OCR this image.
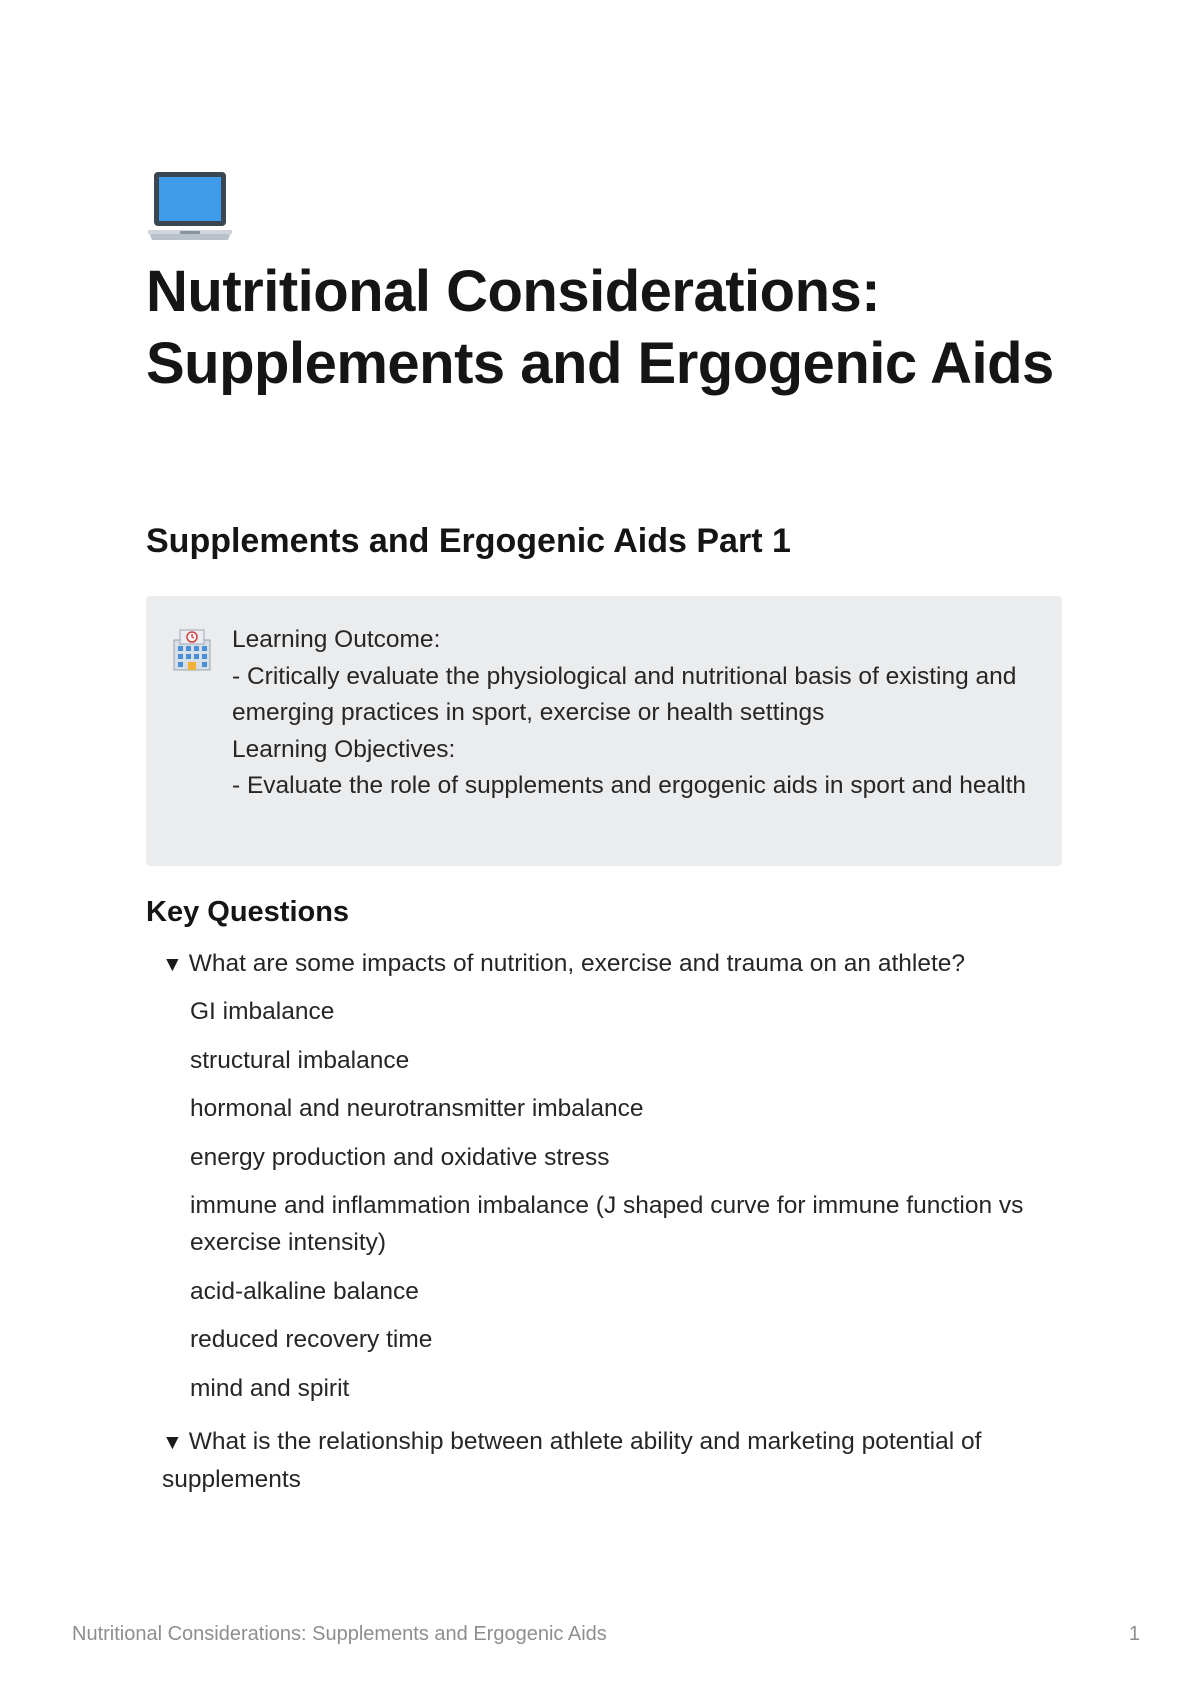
Nutritional Considerations: Supplements and Ergogenic Aids
Supplements and Ergogenic Aids Part 1
Learning Outcome:
- Critically evaluate the physiological and nutritional basis of existing and emerging practices in sport, exercise or health settings
Learning Objectives:
- Evaluate the role of supplements and ergogenic aids in sport and health
Key Questions
▼ What are some impacts of nutrition, exercise and trauma on an athlete?
GI imbalance
structural imbalance
hormonal and neurotransmitter imbalance
energy production and oxidative stress
immune and inflammation imbalance (J shaped curve for immune function vs exercise intensity)
acid-alkaline balance
reduced recovery time
mind and spirit
▼ What is the relationship between athlete ability and marketing potential of supplements
Nutritional Considerations: Supplements and Ergogenic Aids	1
